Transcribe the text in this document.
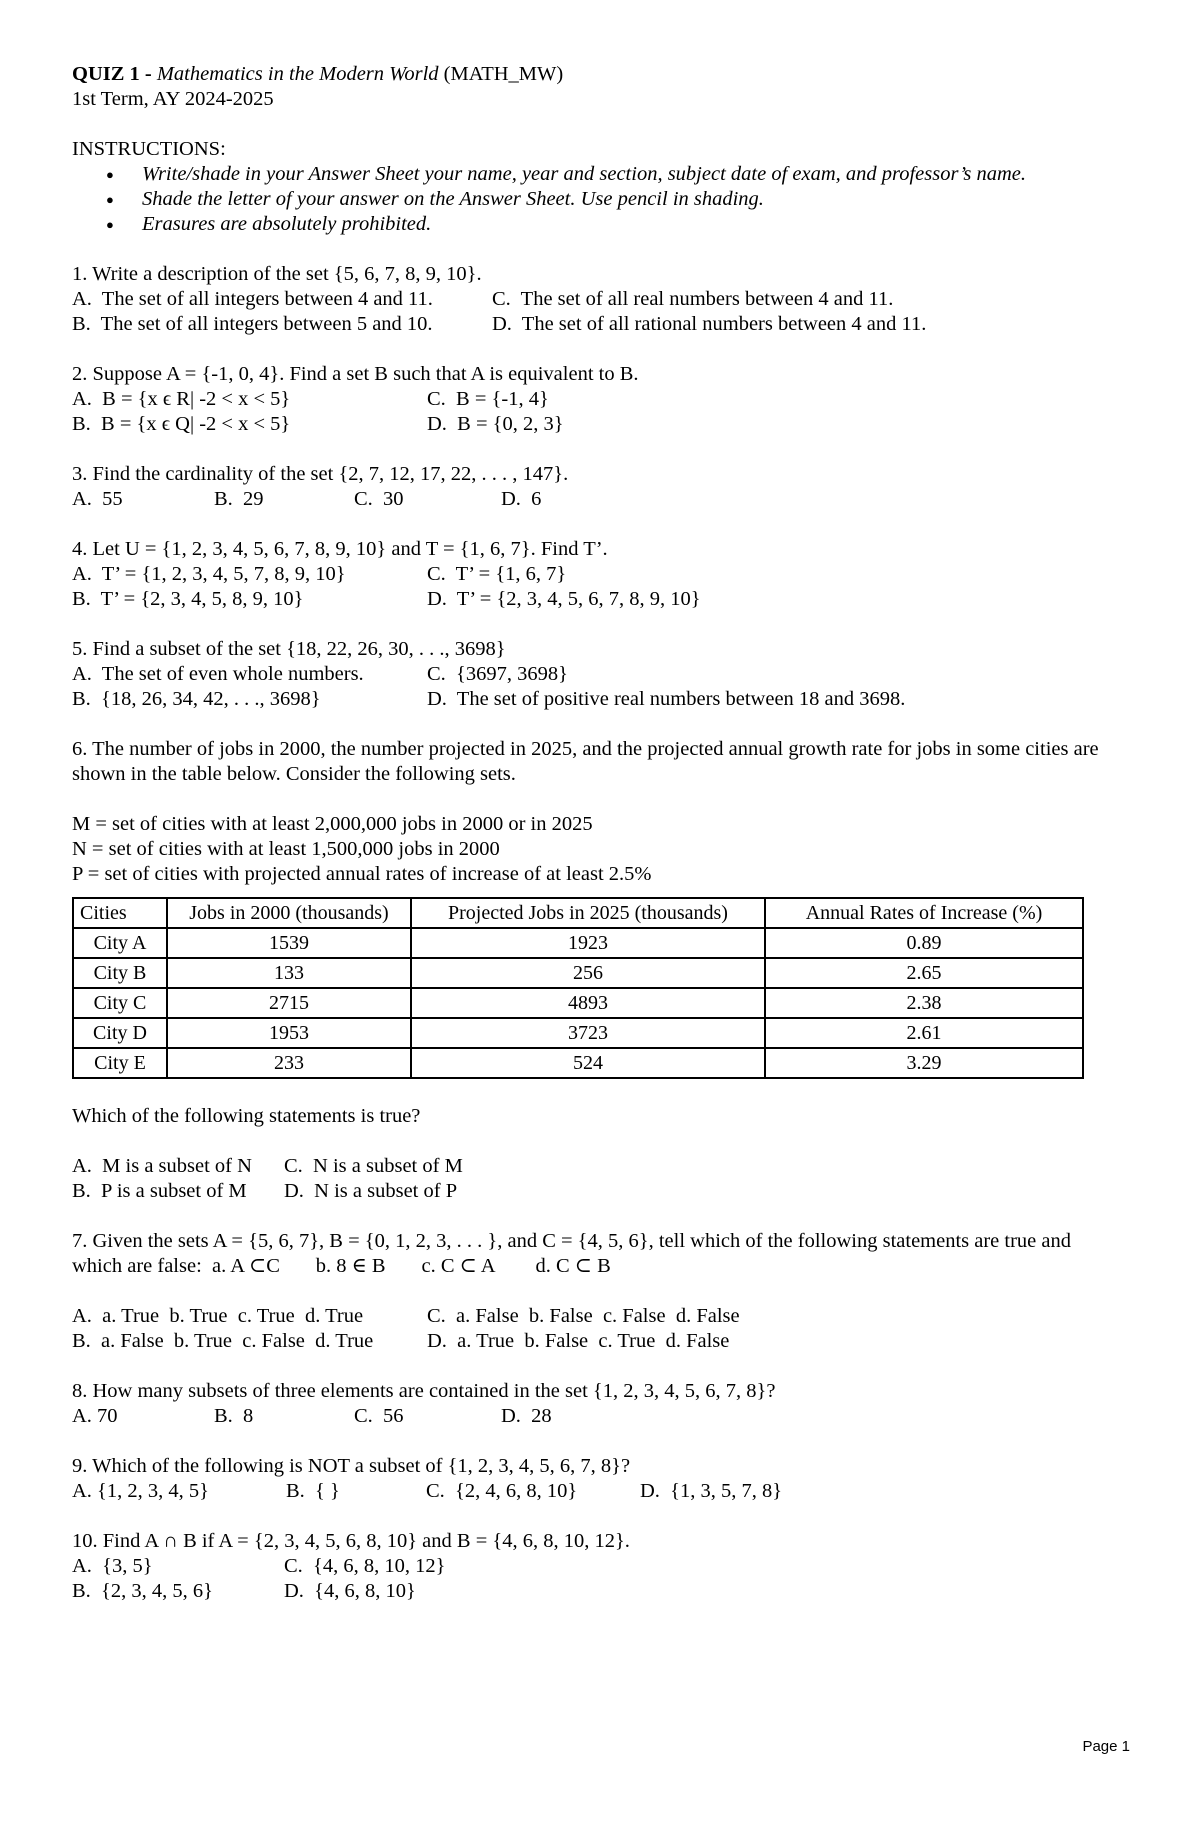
QUIZ 1 - Mathematics in the Modern World (MATH_MW)
1st Term, AY 2024-2025
INSTRUCTIONS:
● Write/shade in your Answer Sheet your name, year and section, subject date of exam, and professor’s name.
● Shade the letter of your answer on the Answer Sheet. Use pencil in shading.
● Erasures are absolutely prohibited.
1. Write a description of the set {5, 6, 7, 8, 9, 10}.
A.  The set of all integers between 4 and 11.	C.  The set of all real numbers between 4 and 11.
B.  The set of all integers between 5 and 10.	D.  The set of all rational numbers between 4 and 11.
2. Suppose A = {-1, 0, 4}. Find a set B such that A is equivalent to B.
A.  B = {x ϵ R| -2 < x < 5}	C.  B = {-1, 4}
B.  B = {x ϵ Q| -2 < x < 5}	D.  B = {0, 2, 3}
3. Find the cardinality of the set {2, 7, 12, 17, 22, . . . , 147}.
A.  55	B.  29	C.  30	D.  6
4. Let U = {1, 2, 3, 4, 5, 6, 7, 8, 9, 10} and T = {1, 6, 7}. Find T’.
A.  T’ = {1, 2, 3, 4, 5, 7, 8, 9, 10}	C.  T’ = {1, 6, 7}
B.  T’ = {2, 3, 4, 5, 8, 9, 10}	D.  T’ = {2, 3, 4, 5, 6, 7, 8, 9, 10}
5. Find a subset of the set {18, 22, 26, 30, . . ., 3698}
A.  The set of even whole numbers.	C.  {3697, 3698}
B.  {18, 26, 34, 42, . . ., 3698}	D.  The set of positive real numbers between 18 and 3698.
6. The number of jobs in 2000, the number projected in 2025, and the projected annual growth rate for jobs in some cities are shown in the table below. Consider the following sets.
M = set of cities with at least 2,000,000 jobs in 2000 or in 2025
N = set of cities with at least 1,500,000 jobs in 2000
P = set of cities with projected annual rates of increase of at least 2.5%
Cities	Jobs in 2000 (thousands)	Projected Jobs in 2025 (thousands)	Annual Rates of Increase (%)
City A	1539	1923	0.89
City B	133	256	2.65
City C	2715	4893	2.38
City D	1953	3723	2.61
City E	233	524	3.29
Which of the following statements is true?
A.  M is a subset of N	C.  N is a subset of M
B.  P is a subset of M	D.  N is a subset of P
7. Given the sets A = {5, 6, 7}, B = {0, 1, 2, 3, . . . }, and C = {4, 5, 6}, tell which of the following statements are true and
which are false:  a. A ⊂C       b. 8 ∈ B       c. C ⊂ A        d. C ⊂ B
A.  a. True  b. True  c. True  d. True	C.  a. False  b. False  c. False  d. False
B.  a. False  b. True  c. False  d. True	D.  a. True  b. False  c. True  d. False
8. How many subsets of three elements are contained in the set {1, 2, 3, 4, 5, 6, 7, 8}?
A. 70	B.  8	C.  56	D.  28
9. Which of the following is NOT a subset of {1, 2, 3, 4, 5, 6, 7, 8}?
A. {1, 2, 3, 4, 5}	B.  { }	C.  {2, 4, 6, 8, 10}	D.  {1, 3, 5, 7, 8}
10. Find A ∩ B if A = {2, 3, 4, 5, 6, 8, 10} and B = {4, 6, 8, 10, 12}.
A.  {3, 5}	C.  {4, 6, 8, 10, 12}
B.  {2, 3, 4, 5, 6}	D.  {4, 6, 8, 10}
Page 1
